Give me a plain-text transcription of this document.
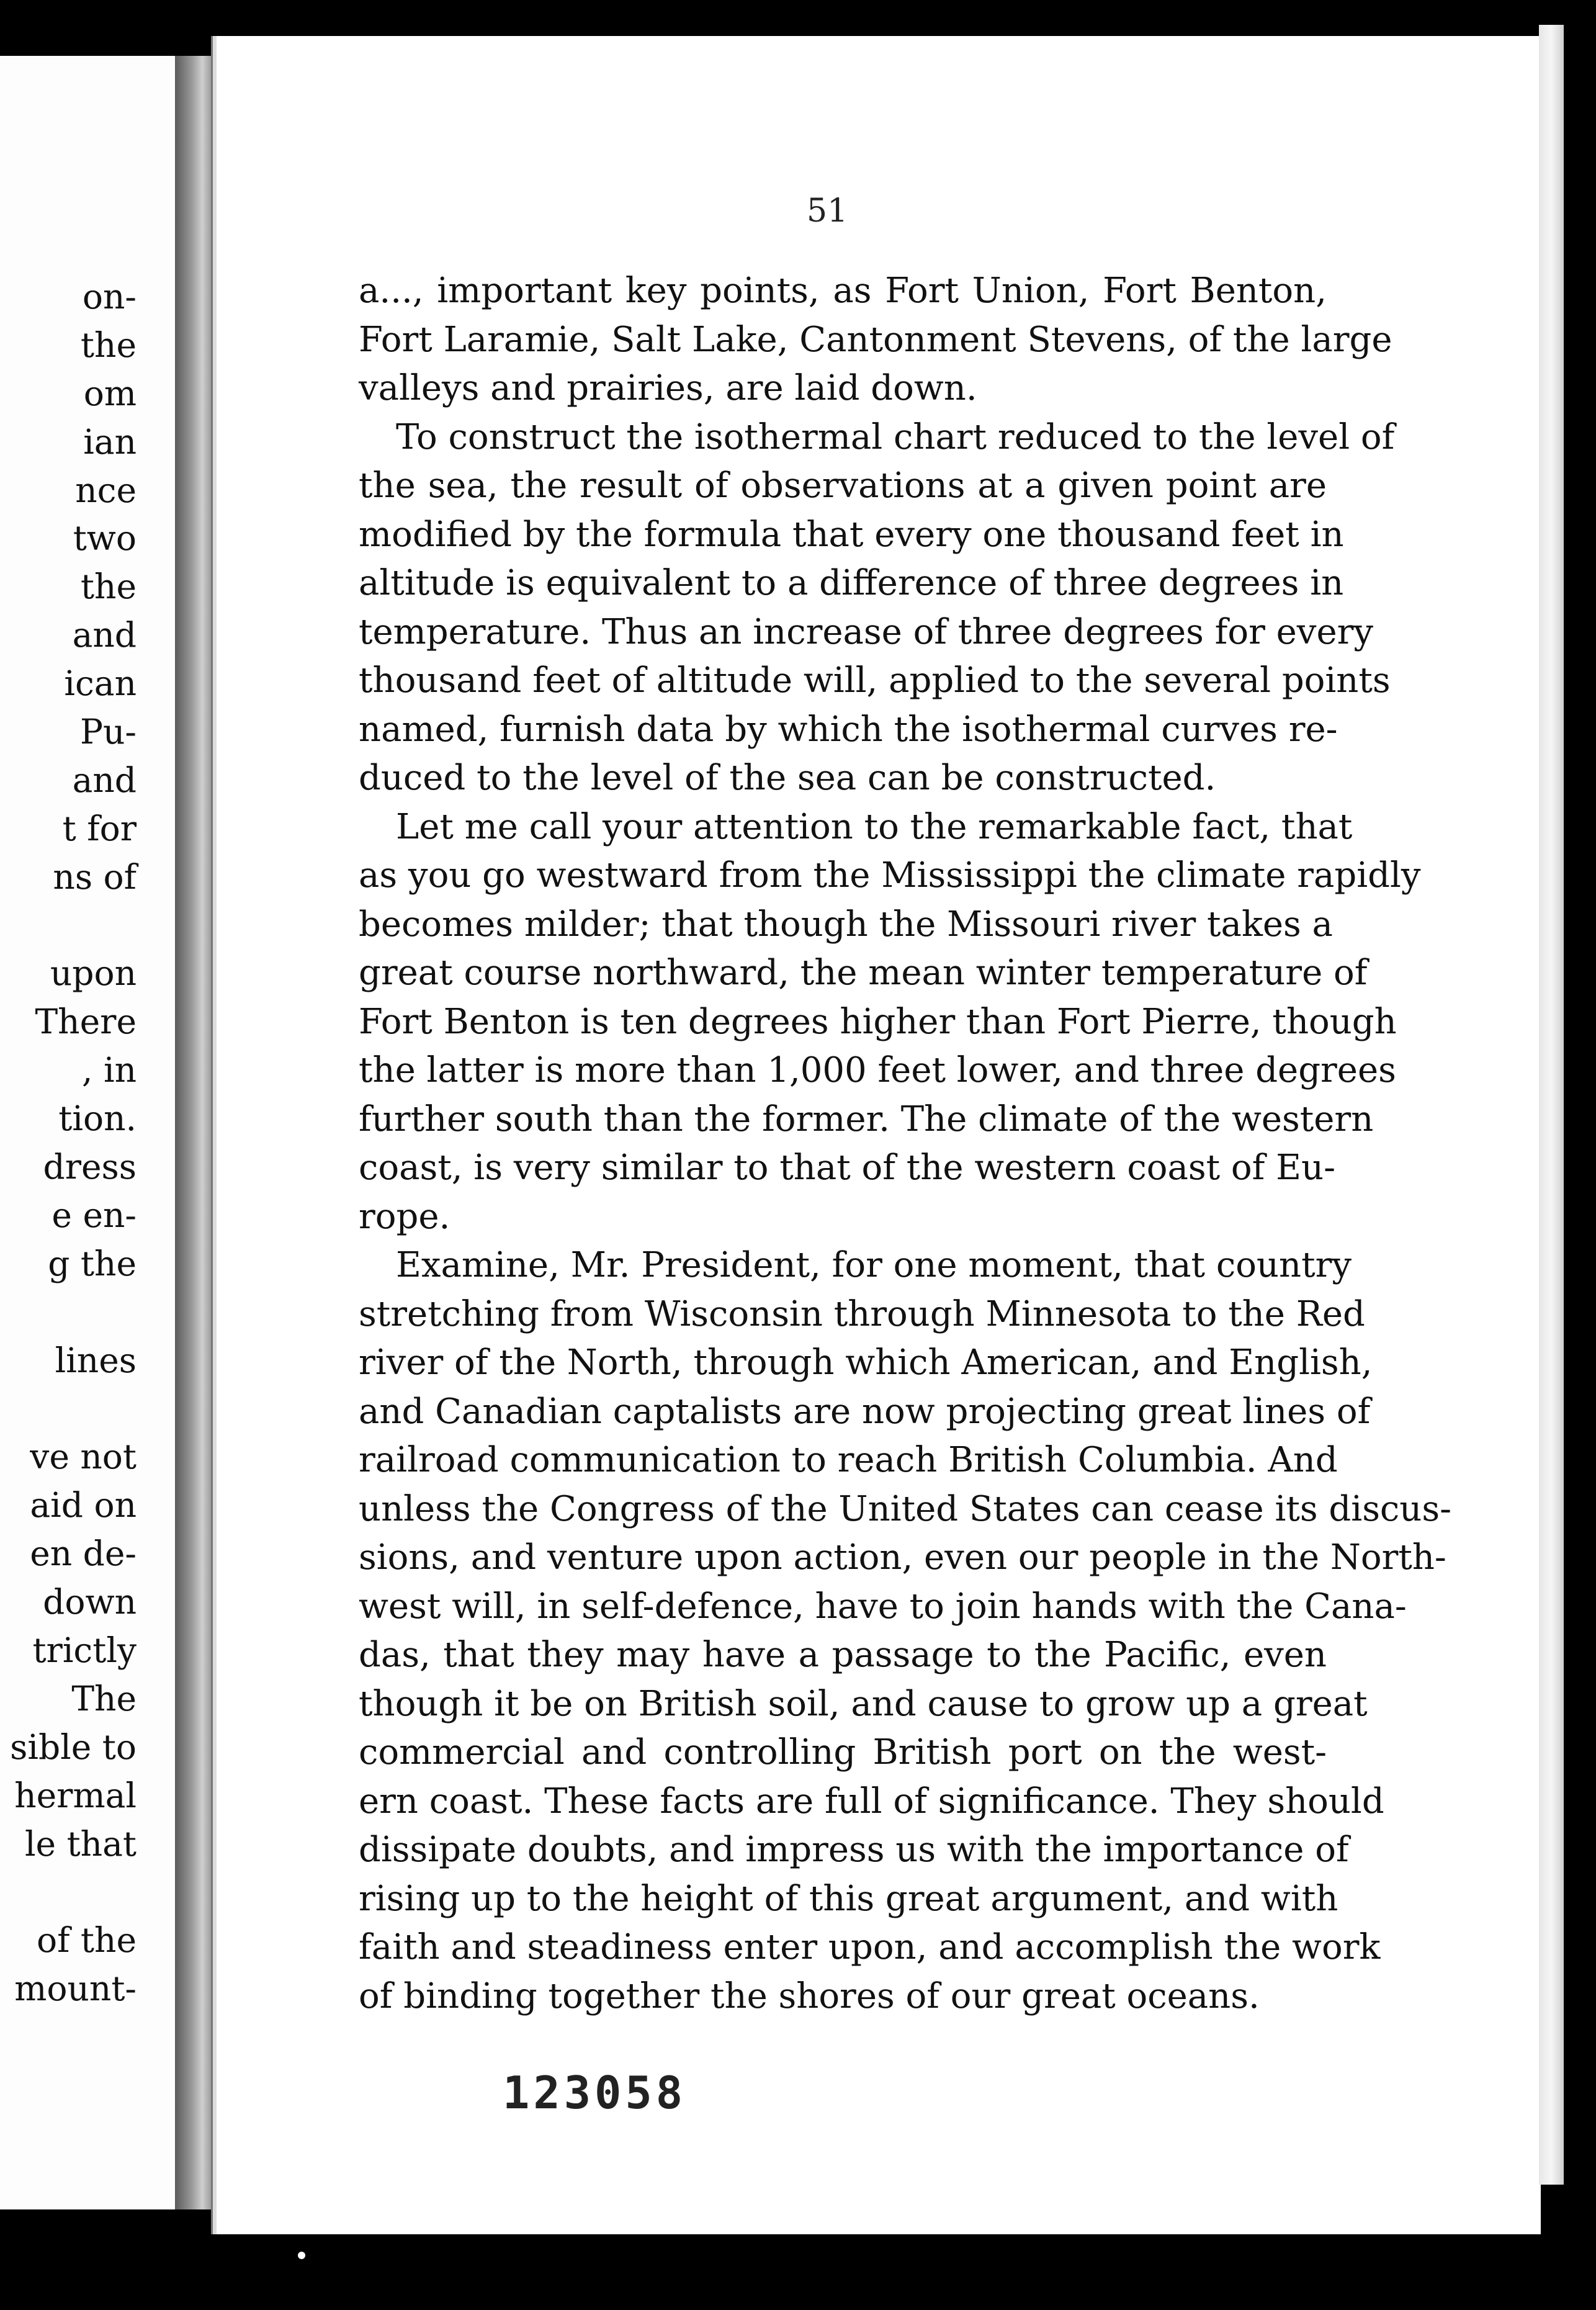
on-
the
om
ian
nce
two
the
and
ican
Pu-
and
t for
ns of
upon
There
, in
tion.
dress
e en-
g the
lines
ve not
aid on
en de-
down
trictly
The
sible to
hermal
le that
of the
mount-
51
a..., important key points, as Fort Union, Fort Benton,
Fort Laramie, Salt Lake, Cantonment Stevens, of the large
valleys and prairies, are laid down.
To construct the isothermal chart reduced to the level of
the sea, the result of observations at a given point are
modified by the formula that every one thousand feet in
altitude is equivalent to a difference of three degrees in
temperature. Thus an increase of three degrees for every
thousand feet of altitude will, applied to the several points
named, furnish data by which the isothermal curves re-
duced to the level of the sea can be constructed.
Let me call your attention to the remarkable fact, that
as you go westward from the Mississippi the climate rapidly
becomes milder; that though the Missouri river takes a
great course northward, the mean winter temperature of
Fort Benton is ten degrees higher than Fort Pierre, though
the latter is more than 1,000 feet lower, and three degrees
further south than the former. The climate of the western
coast, is very similar to that of the western coast of Eu-
rope.
Examine, Mr. President, for one moment, that country
stretching from Wisconsin through Minnesota to the Red
river of the North, through which American, and English,
and Canadian captalists are now projecting great lines of
railroad communication to reach British Columbia. And
unless the Congress of the United States can cease its discus-
sions, and venture upon action, even our people in the North-
west will, in self-defence, have to join hands with the Cana-
das, that they may have a passage to the Pacific, even
though it be on British soil, and cause to grow up a great
commercial and controlling British port on the west-
ern coast. These facts are full of significance. They should
dissipate doubts, and impress us with the importance of
rising up to the height of this great argument, and with
faith and steadiness enter upon, and accomplish the work
of binding together the shores of our great oceans.
123058
